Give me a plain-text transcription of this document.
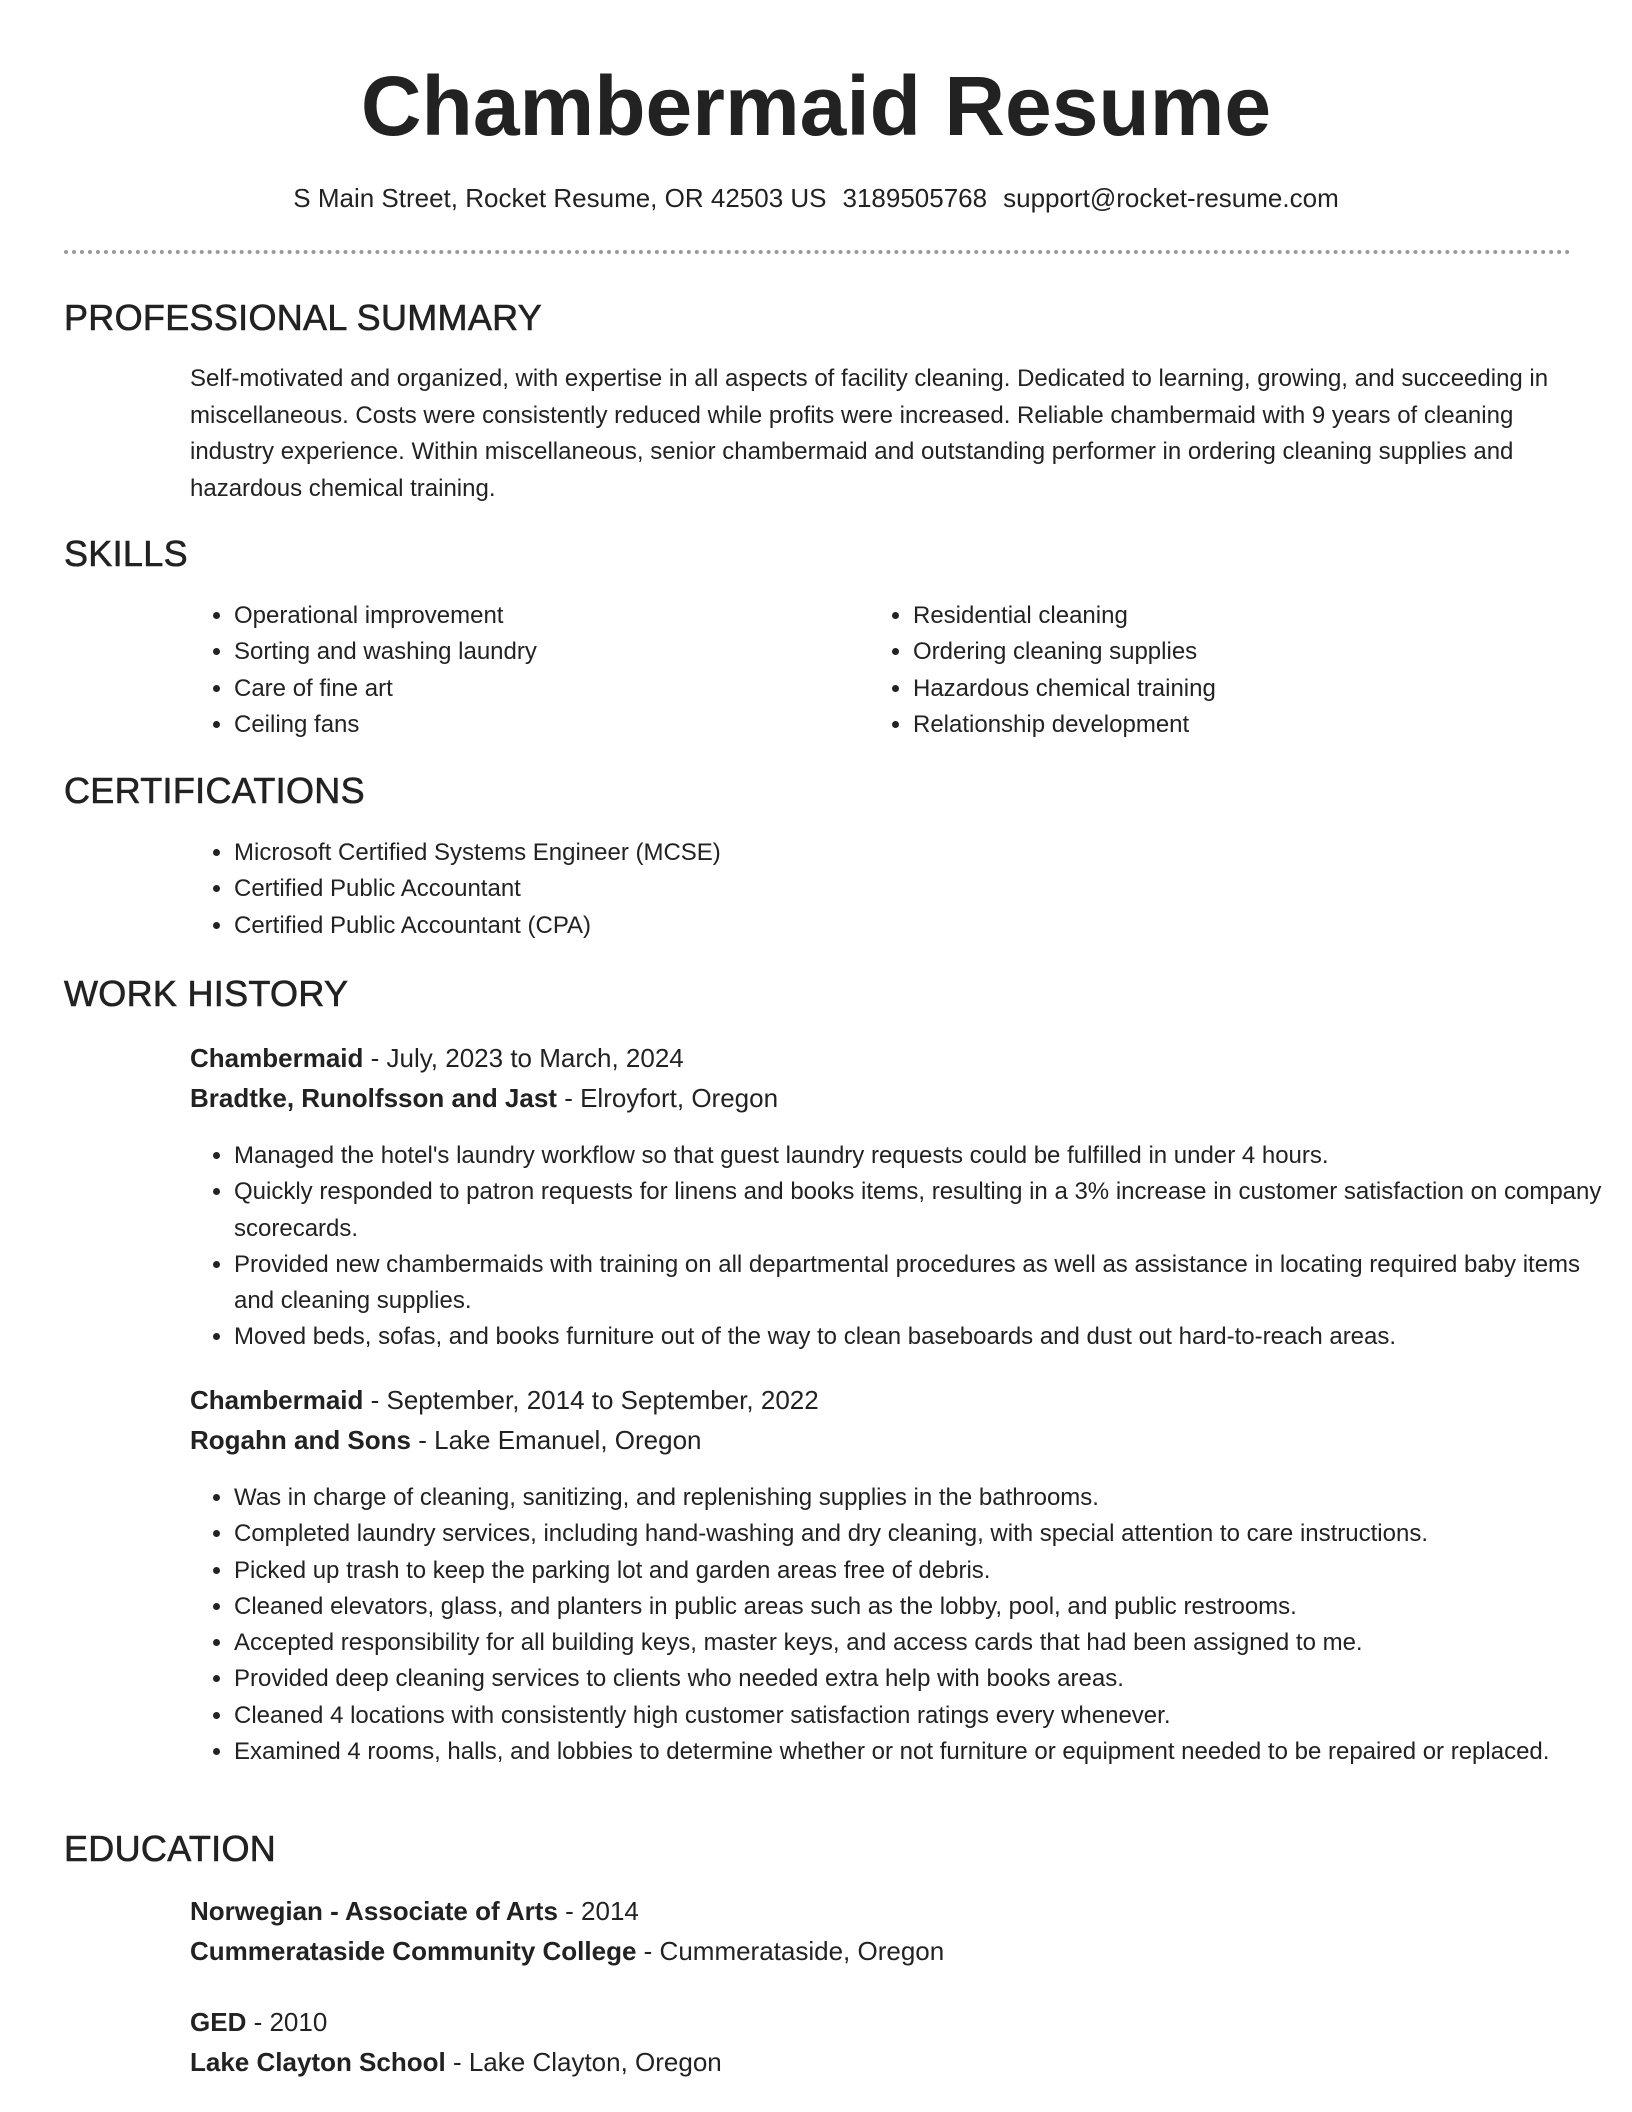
Chambermaid Resume
S Main Street, Rocket Resume, OR 42503 US 3189505768 support@rocket-resume.com
PROFESSIONAL SUMMARY

Self-motivated and organized, with expertise in all aspects of facility cleaning. Dedicated to learning, growing, and succeeding in miscellaneous. Costs were consistently reduced while profits were increased. Reliable chambermaid with 9 years of cleaning industry experience. Within miscellaneous, senior chambermaid and outstanding performer in ordering cleaning supplies and hazardous chemical training.

SKILLS
• Operational improvement
• Sorting and washing laundry
• Care of fine art
• Ceiling fans
• Residential cleaning
• Ordering cleaning supplies
• Hazardous chemical training
• Relationship development
CERTIFICATIONS
• Microsoft Certified Systems Engineer (MCSE)
• Certified Public Accountant
• Certified Public Accountant (CPA)
WORK HISTORY
Chambermaid - July, 2023 to March, 2024
Bradtke, Runolfsson and Jast - Elroyfort, Oregon
• Managed the hotel's laundry workflow so that guest laundry requests could be fulfilled in under 4 hours.
• Quickly responded to patron requests for linens and books items, resulting in a 3% increase in customer satisfaction on company scorecards.
• Provided new chambermaids with training on all departmental procedures as well as assistance in locating required baby items and cleaning supplies.
• Moved beds, sofas, and books furniture out of the way to clean baseboards and dust out hard-to-reach areas.
Chambermaid - September, 2014 to September, 2022
Rogahn and Sons - Lake Emanuel, Oregon
• Was in charge of cleaning, sanitizing, and replenishing supplies in the bathrooms.
• Completed laundry services, including hand-washing and dry cleaning, with special attention to care instructions.
• Picked up trash to keep the parking lot and garden areas free of debris.
• Cleaned elevators, glass, and planters in public areas such as the lobby, pool, and public restrooms.
• Accepted responsibility for all building keys, master keys, and access cards that had been assigned to me.
• Provided deep cleaning services to clients who needed extra help with books areas.
• Cleaned 4 locations with consistently high customer satisfaction ratings every whenever.
• Examined 4 rooms, halls, and lobbies to determine whether or not furniture or equipment needed to be repaired or replaced.
EDUCATION
Norwegian - Associate of Arts - 2014
Cummerataside Community College - Cummerataside, Oregon
GED - 2010
Lake Clayton School - Lake Clayton, Oregon
